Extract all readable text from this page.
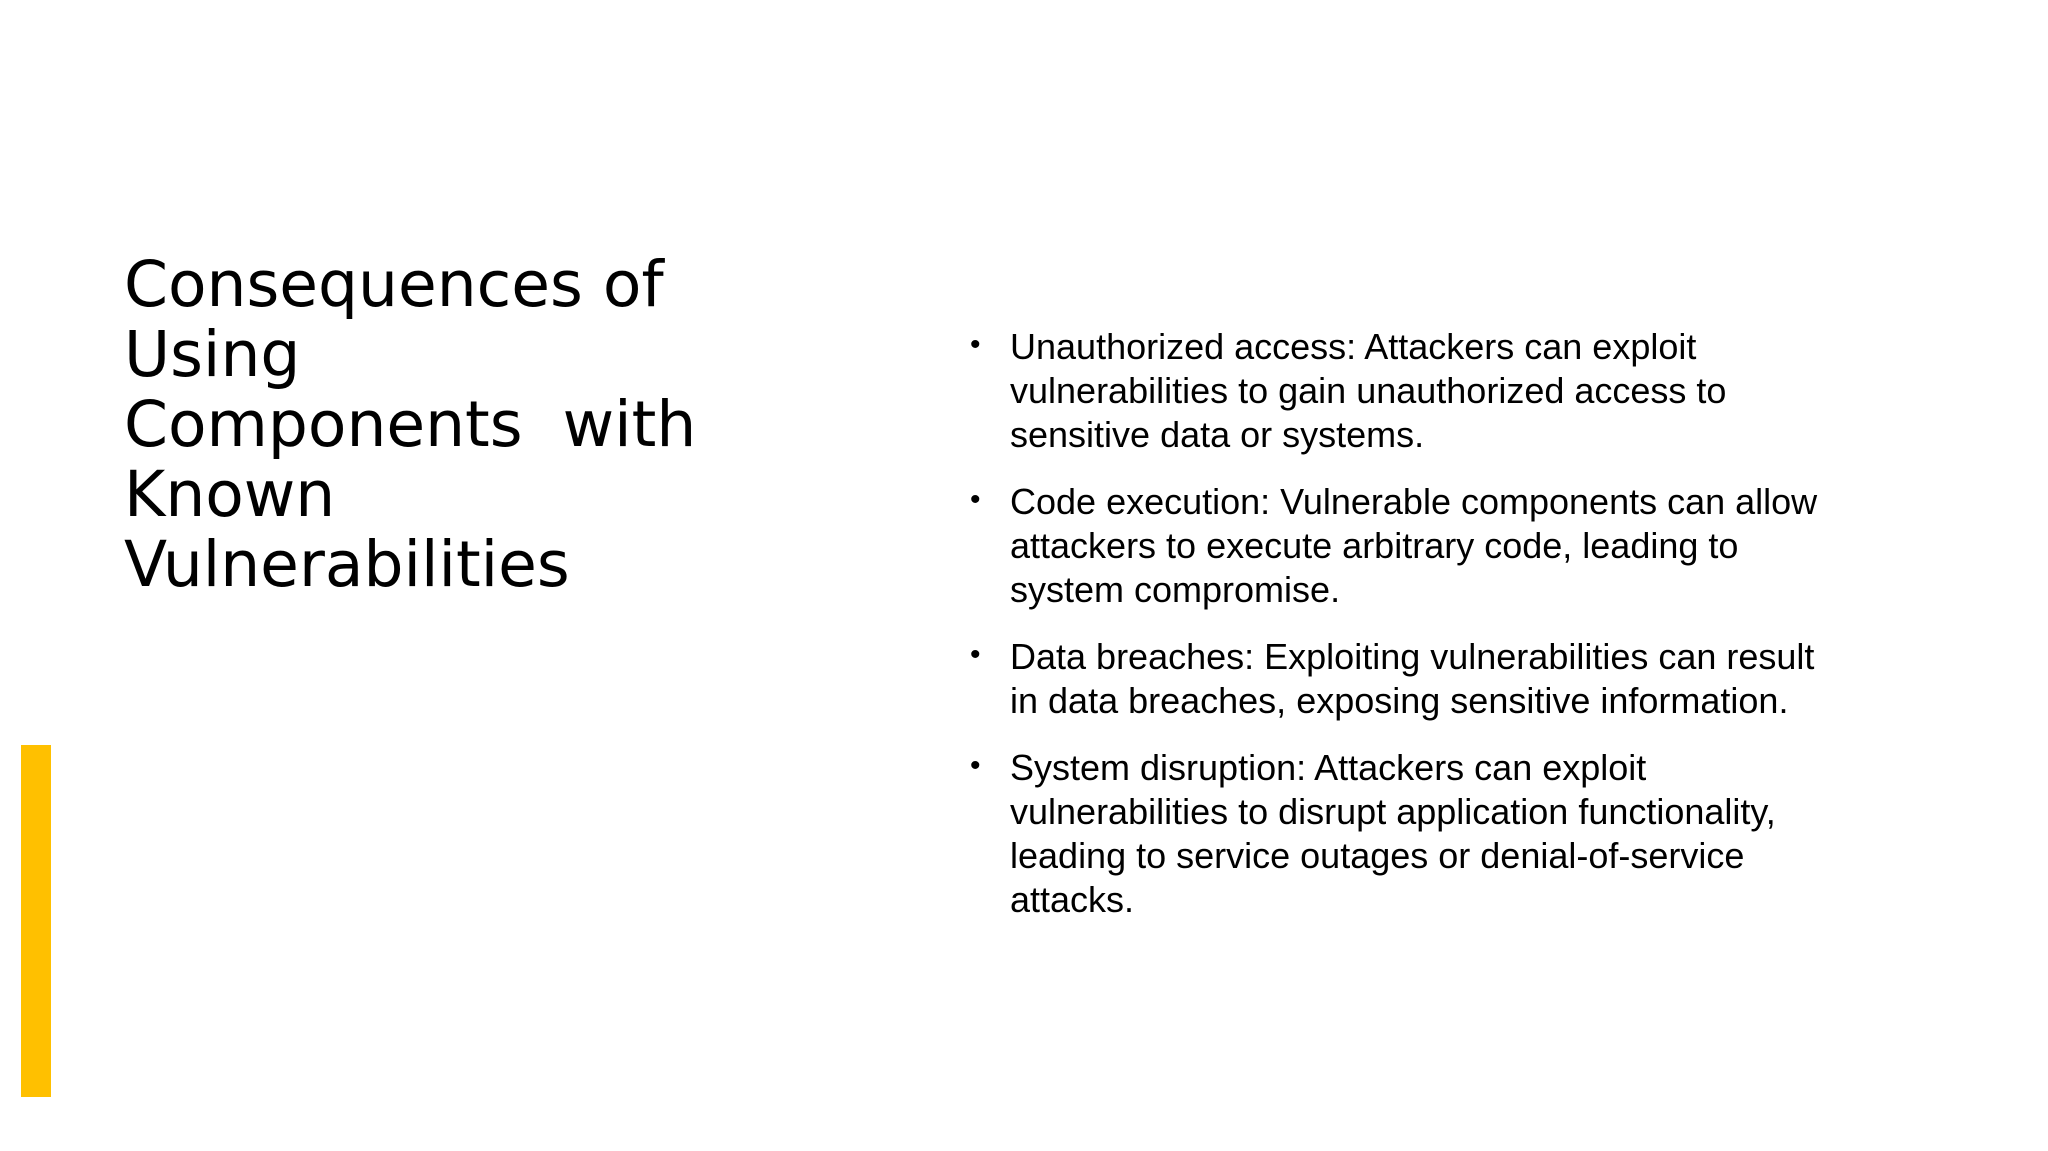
Consequences of
Using
Components  with
Known
Vulnerabilities
• Unauthorized access: Attackers can exploit
vulnerabilities to gain unauthorized access to
sensitive data or systems.
• Code execution: Vulnerable components can allow
attackers to execute arbitrary code, leading to
system compromise.
• Data breaches: Exploiting vulnerabilities can result
in data breaches, exposing sensitive information.
• System disruption: Attackers can exploit
vulnerabilities to disrupt application functionality,
leading to service outages or denial-of-service
attacks.
